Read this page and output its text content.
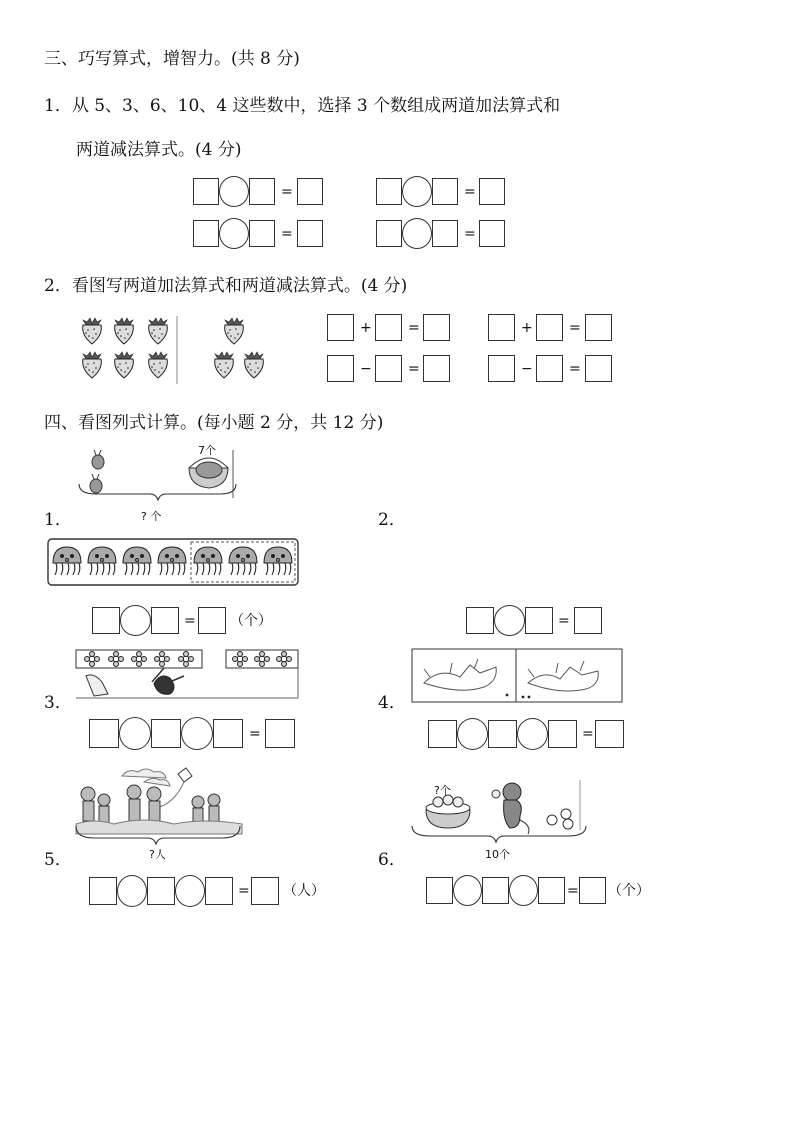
三、巧写算式，增智力。(共 8 分)
1．从 5、3、6、10、4 这些数中，选择 3 个数组成两道加法算式和
两道减法算式。(4 分)
=	=
=	=
2．看图写两道加法算式和两道减法算式。(4 分)
+	=	+	=
−	=	−	=
四、看图列式计算。(每小题 2 分，共 12 分)
7个
? 个
1．	2．
= （个）	=
3．
=
4．
=
5．	?人
= （人）
6．
?个
10个
= （个）
